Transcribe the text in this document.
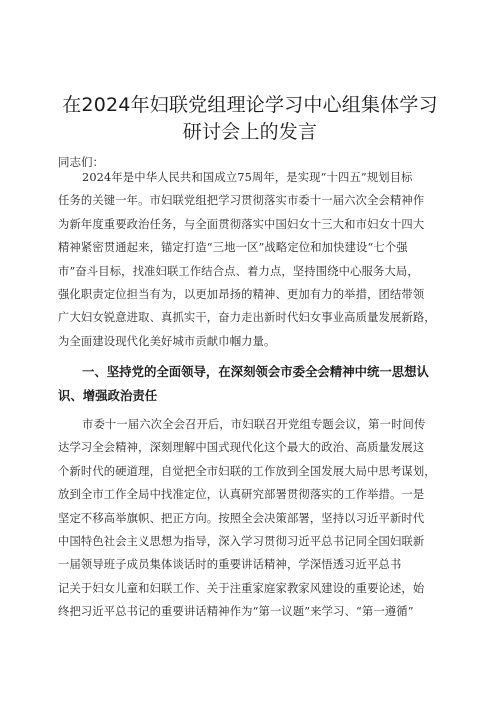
在2024年妇联党组理论学习中心组集体学习
研讨会上的发言
同志们：
2024年是中华人民共和国成立75周年，是实现“十四五”规划目标
任务的关键一年。市妇联党组把学习贯彻落实市委十一届六次全会精神作
为新年度重要政治任务，与全面贯彻落实中国妇女十三大和市妇女十四大
精神紧密贯通起来，锚定打造“三地一区”战略定位和加快建设“七个强
市”奋斗目标，找准妇联工作结合点、着力点，坚持围绕中心服务大局，
强化职责定位担当有为，以更加昂扬的精神、更加有力的举措，团结带领
广大妇女锐意进取、真抓实干，奋力走出新时代妇女事业高质量发展新路，
为全面建设现代化美好城市贡献巾帼力量。
一、坚持党的全面领导，在深刻领会市委全会精神中统一思想认
识、增强政治责任
市委十一届六次全会召开后，市妇联召开党组专题会议，第一时间传
达学习全会精神，深刻理解中国式现代化这个最大的政治、高质量发展这
个新时代的硬道理，自觉把全市妇联的工作放到全国发展大局中思考谋划，
放到全市工作全局中找准定位，认真研究部署贯彻落实的工作举措。一是
坚定不移高举旗帜、把正方向。按照全会决策部署，坚持以习近平新时代
中国特色社会主义思想为指导，深入学习贯彻习近平总书记同全国妇联新
一届领导班子成员集体谈话时的重要讲话精神，学深悟透习近平总书
记关于妇女儿童和妇联工作、关于注重家庭家教家风建设的重要论述，始
终把习近平总书记的重要讲话精神作为“第一议题”来学习、“第一遵循”
